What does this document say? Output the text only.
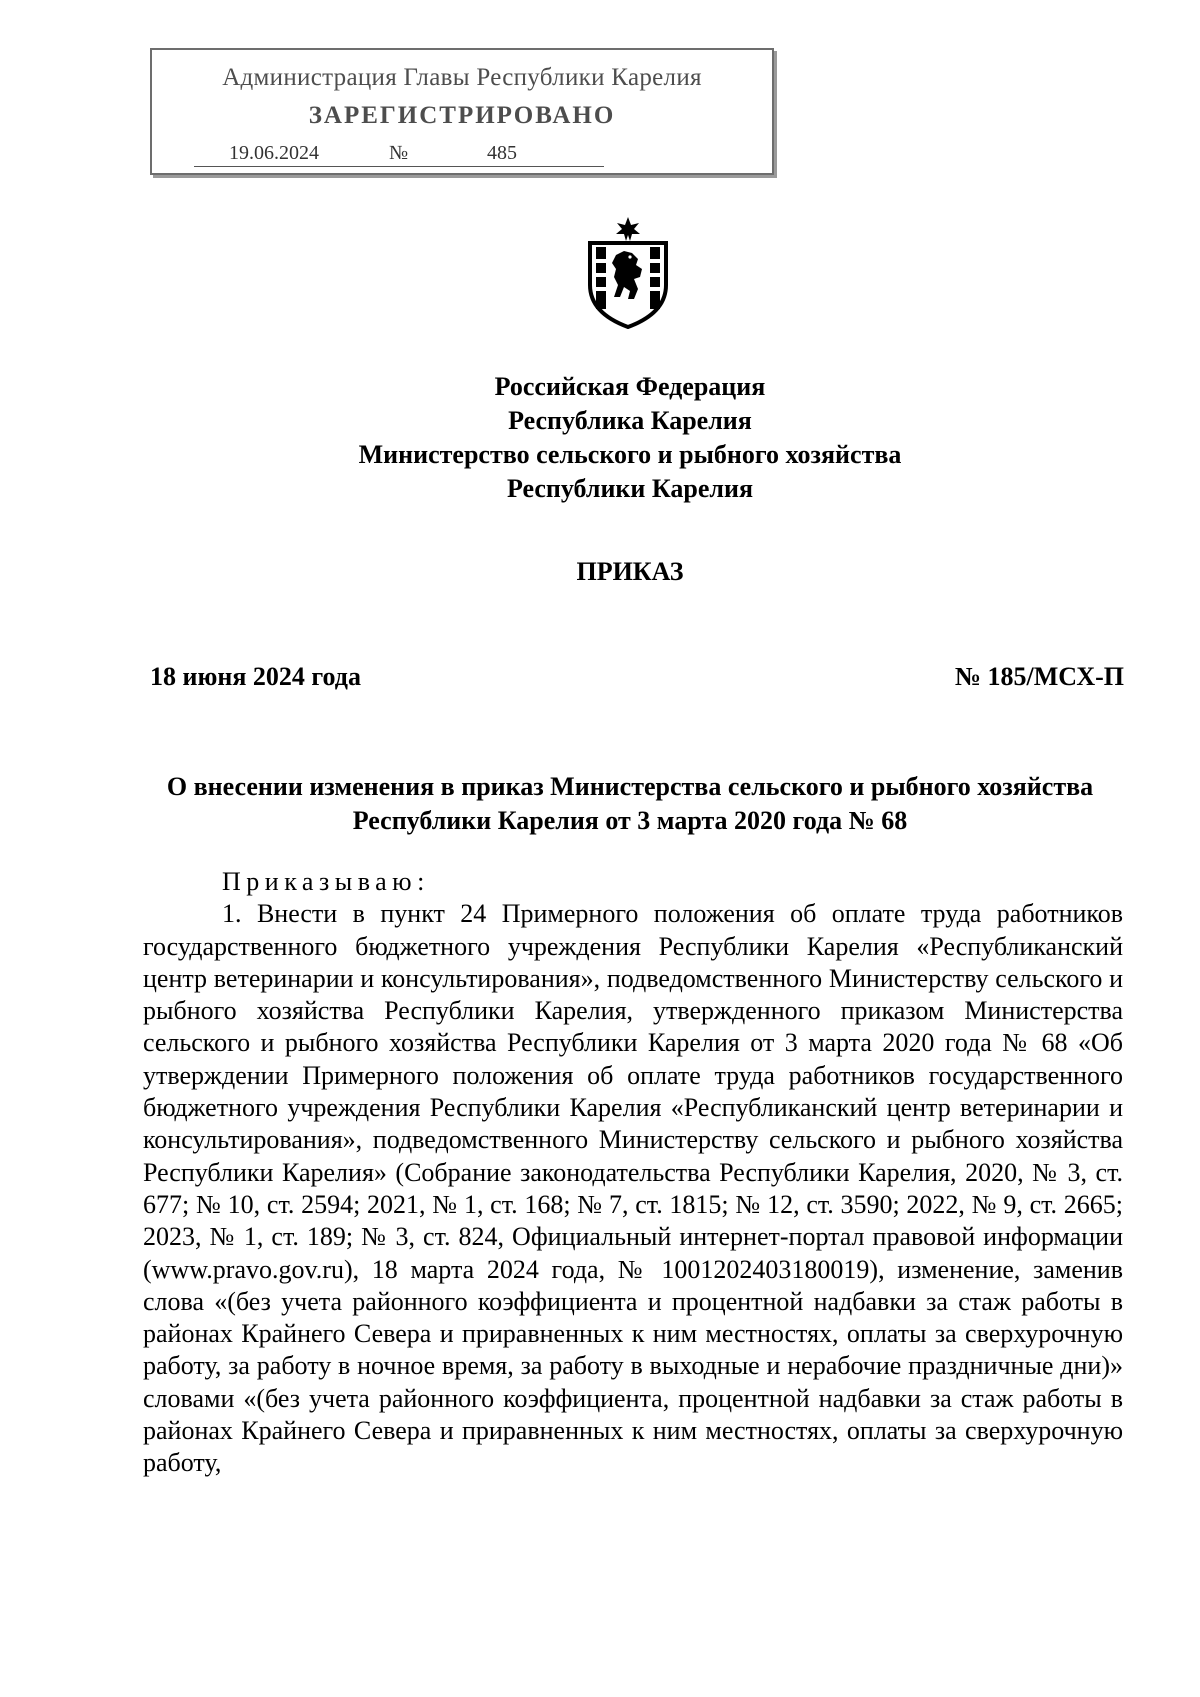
Администрация Главы Республики Карелия
ЗАРЕГИСТРИРОВАНО
19.06.2024	№	485
Российская Федерация
Республика Карелия
Министерство сельского и рыбного хозяйства
Республики Карелия
ПРИКАЗ
18 июня 2024 года	№ 185/МСХ-П
О внесении изменения в приказ Министерства сельского и рыбного хозяйства Республики Карелия от 3 марта 2020 года № 68
Приказываю:

1. Внести в пункт 24 Примерного положения об оплате труда работников государственного бюджетного учреждения Республики Карелия «Республиканский центр ветеринарии и консультирования», подведомственного Министерству сельского и рыбного хозяйства Республики Карелия, утвержденного приказом Министерства сельского и рыбного хозяйства Республики Карелия от 3 марта 2020 года № 68 «Об утверждении Примерного положения об оплате труда работников государственного бюджетного учреждения Республики Карелия «Республиканский центр ветеринарии и консультирования», подведомственного Министерству сельского и рыбного хозяйства Республики Карелия» (Собрание законодательства Республики Карелия, 2020, № 3, ст. 677; № 10, ст. 2594; 2021, № 1, ст. 168; № 7, ст. 1815; № 12, ст. 3590; 2022, № 9, ст. 2665; 2023, № 1, ст. 189; № 3, ст. 824, Официальный интернет-портал правовой информации (www.pravo.gov.ru), 18 марта 2024 года, № 1001202403180019), изменение, заменив слова «(без учета районного коэффициента и процентной надбавки за стаж работы в районах Крайнего Севера и приравненных к ним местностях, оплаты за сверхурочную работу, за работу в ночное время, за работу в выходные и нерабочие праздничные дни)» словами «(без учета районного коэффициента, процентной надбавки за стаж работы в районах Крайнего Севера и приравненных к ним местностях, оплаты за сверхурочную работу,
